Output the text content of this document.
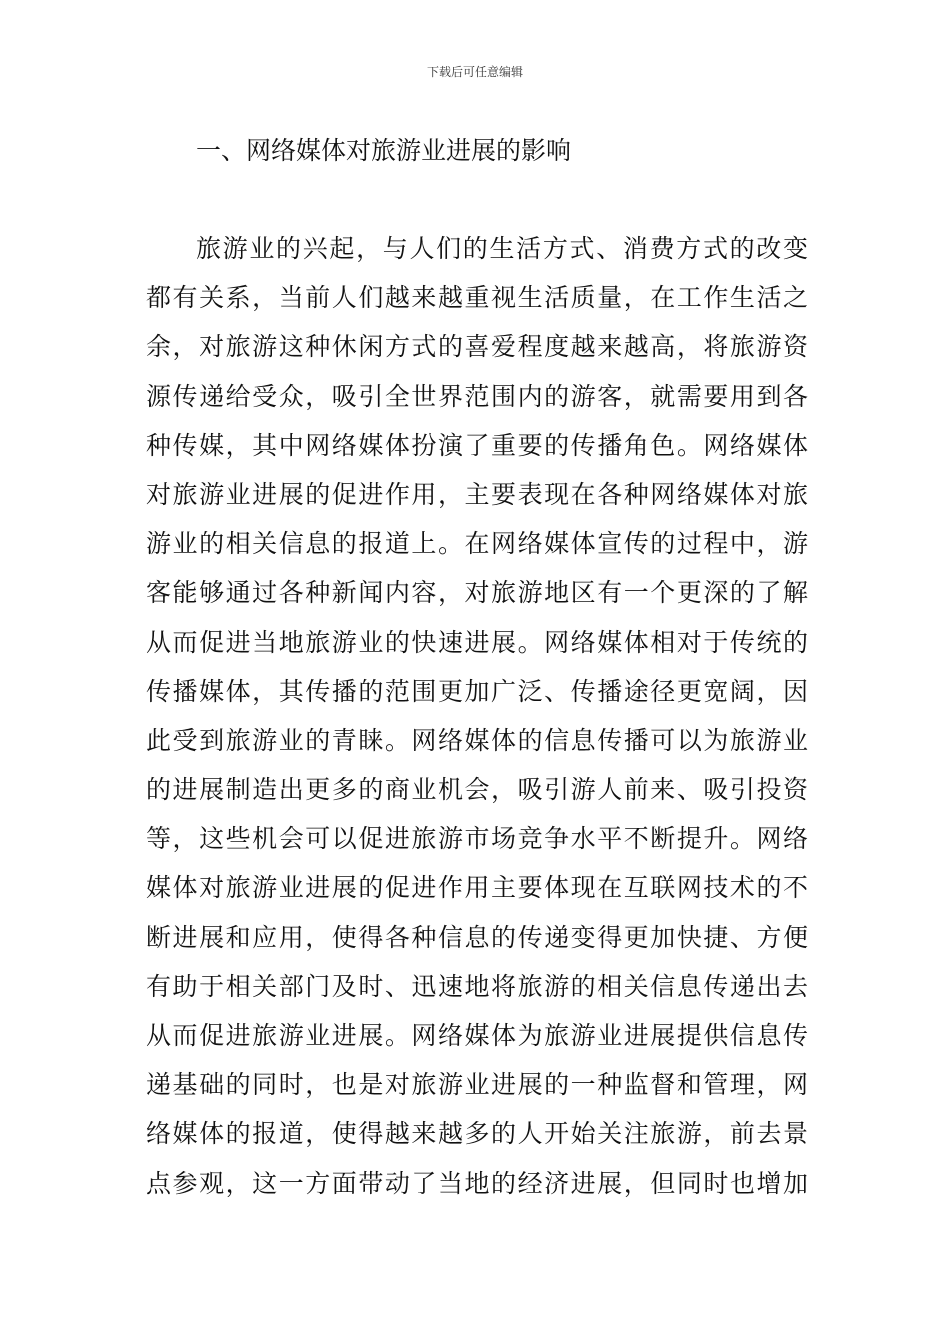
下载后可任意编辑
一、网络媒体对旅游业进展的影响
旅游业的兴起，与人们的生活方式、消费方式的改变
都有关系，当前人们越来越重视生活质量，在工作生活之
余，对旅游这种休闲方式的喜爱程度越来越高，将旅游资
源传递给受众，吸引全世界范围内的游客，就需要用到各
种传媒，其中网络媒体扮演了重要的传播角色。网络媒体
对旅游业进展的促进作用，主要表现在各种网络媒体对旅
游业的相关信息的报道上。在网络媒体宣传的过程中，游
客能够通过各种新闻内容，对旅游地区有一个更深的了解
从而促进当地旅游业的快速进展。网络媒体相对于传统的
传播媒体，其传播的范围更加广泛、传播途径更宽阔，因
此受到旅游业的青睐。网络媒体的信息传播可以为旅游业
的进展制造出更多的商业机会，吸引游人前来、吸引投资
等，这些机会可以促进旅游市场竞争水平不断提升。网络
媒体对旅游业进展的促进作用主要体现在互联网技术的不
断进展和应用，使得各种信息的传递变得更加快捷、方便
有助于相关部门及时、迅速地将旅游的相关信息传递出去
从而促进旅游业进展。网络媒体为旅游业进展提供信息传
递基础的同时，也是对旅游业进展的一种监督和管理，网
络媒体的报道，使得越来越多的人开始关注旅游，前去景
点参观，这一方面带动了当地的经济进展，但同时也增加
